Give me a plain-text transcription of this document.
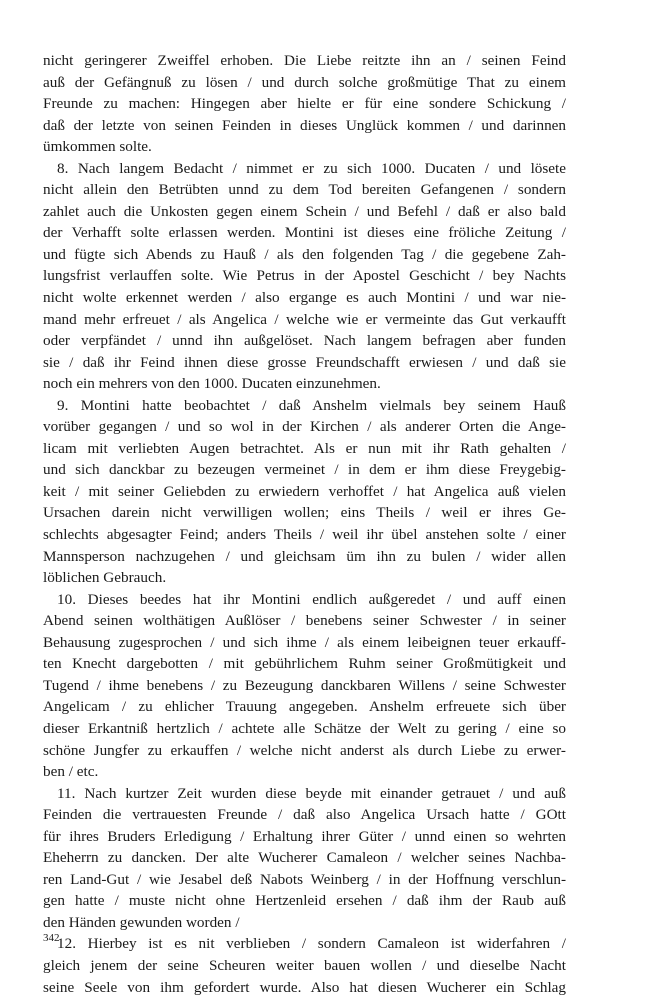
nicht geringerer Zweiffel erhoben. Die Liebe reitzte ihn an / seinen Feind
auß der Gefängnuß zu lösen / und durch solche großmütige That zu einem
Freunde zu machen: Hingegen aber hielte er für eine sondere Schickung /
daß der letzte von seinen Feinden in dieses Unglück kommen / und darinnen
ümkommen solte.
8. Nach langem Bedacht / nimmet er zu sich 1000. Ducaten / und lösete
nicht allein den Betrübten unnd zu dem Tod bereiten Gefangenen / sondern
zahlet auch die Unkosten gegen einem Schein / und Befehl / daß er also bald
der Verhafft solte erlassen werden. Montini ist dieses eine fröliche Zeitung /
und fügte sich Abends zu Hauß / als den folgenden Tag / die gegebene Zah-
lungsfrist verlauffen solte. Wie Petrus in der Apostel Geschicht / bey Nachts
nicht wolte erkennet werden / also ergange es auch Montini / und war nie-
mand mehr erfreuet / als Angelica / welche wie er vermeinte das Gut verkaufft
oder verpfändet / unnd ihn außgelöset. Nach langem befragen aber funden
sie / daß ihr Feind ihnen diese grosse Freundschafft erwiesen / und daß sie
noch ein mehrers von den 1000. Ducaten einzunehmen.
9. Montini hatte beobachtet / daß Anshelm vielmals bey seinem Hauß
vorüber gegangen / und so wol in der Kirchen / als anderer Orten die Ange-
licam mit verliebten Augen betrachtet. Als er nun mit ihr Rath gehalten /
und sich danckbar zu bezeugen vermeinet / in dem er ihm diese Freygebig-
keit / mit seiner Geliebden zu erwiedern verhoffet / hat Angelica auß vielen
Ursachen darein nicht verwilligen wollen; eins Theils / weil er ihres Ge-
schlechts abgesagter Feind; anders Theils / weil ihr übel anstehen solte / einer
Mannsperson nachzugehen / und gleichsam üm ihn zu bulen / wider allen
löblichen Gebrauch.
10. Dieses beedes hat ihr Montini endlich außgeredet / und auff einen
Abend seinen wolthätigen Außlöser / benebens seiner Schwester / in seiner
Behausung zugesprochen / und sich ihme / als einem leibeignen teuer erkauff-
ten Knecht dargebotten / mit gebührlichem Ruhm seiner Großmütigkeit und
Tugend / ihme benebens / zu Bezeugung danckbaren Willens / seine Schwester
Angelicam / zu ehlicher Trauung angegeben. Anshelm erfreuete sich über
dieser Erkantniß hertzlich / achtete alle Schätze der Welt zu gering / eine so
schöne Jungfer zu erkauffen / welche nicht anderst als durch Liebe zu erwer-
ben / etc.
11. Nach kurtzer Zeit wurden diese beyde mit einander getrauet / und auß
Feinden die vertrauesten Freunde / daß also Angelica Ursach hatte / GOtt
für ihres Bruders Erledigung / Erhaltung ihrer Güter / unnd einen so wehrten
Eheherrn zu dancken. Der alte Wucherer Camaleon / welcher seines Nachba-
ren Land-Gut / wie Jesabel deß Nabots Weinberg / in der Hoffnung verschlun-
gen hatte / muste nicht ohne Hertzenleid ersehen / daß ihm der Raub auß
den Händen gewunden worden /
12. Hierbey ist es nit verblieben / sondern Camaleon ist widerfahren /
gleich jenem der seine Scheuren weiter bauen wollen / und dieselbe Nacht
seine Seele von ihm gefordert wurde. Also hat diesen Wucherer ein Schlag
342
